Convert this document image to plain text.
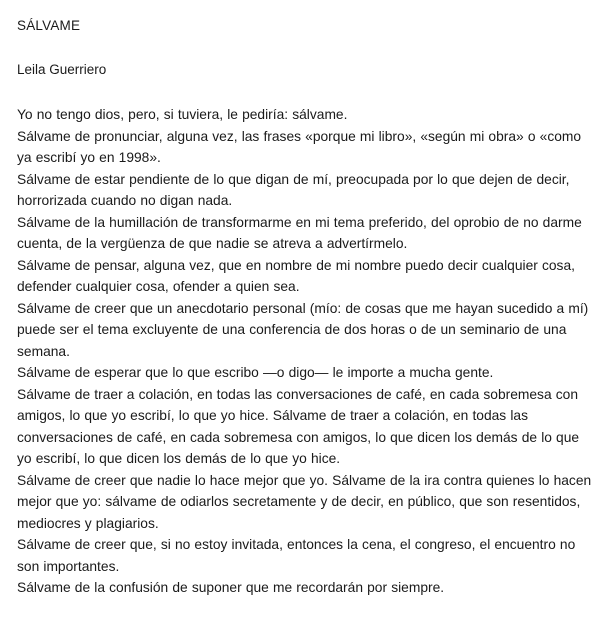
SÁLVAME

Leila Guerriero

Yo no tengo dios, pero, si tuviera, le pediría: sálvame.

Sálvame de pronunciar, alguna vez, las frases «porque mi libro», «según mi obra» o «como ya escribí yo en 1998».

Sálvame de estar pendiente de lo que digan de mí, preocupada por lo que dejen de decir, horrorizada cuando no digan nada.

Sálvame de la humillación de transformarme en mi tema preferido, del oprobio de no darme cuenta, de la vergüenza de que nadie se atreva a advertírmelo.

Sálvame de pensar, alguna vez, que en nombre de mi nombre puedo decir cualquier cosa, defender cualquier cosa, ofender a quien sea.

Sálvame de creer que un anecdotario personal (mío: de cosas que me hayan sucedido a mí) puede ser el tema excluyente de una conferencia de dos horas o de un seminario de una semana.

Sálvame de esperar que lo que escribo —o digo— le importe a mucha gente.

Sálvame de traer a colación, en todas las conversaciones de café, en cada sobremesa con amigos, lo que yo escribí, lo que yo hice. Sálvame de traer a colación, en todas las conversaciones de café, en cada sobremesa con amigos, lo que dicen los demás de lo que yo escribí, lo que dicen los demás de lo que yo hice.

Sálvame de creer que nadie lo hace mejor que yo. Sálvame de la ira contra quienes lo hacen mejor que yo: sálvame de odiarlos secretamente y de decir, en público, que son resentidos, mediocres y plagiarios.

Sálvame de creer que, si no estoy invitada, entonces la cena, el congreso, el encuentro no son importantes.

Sálvame de la confusión de suponer que me recordarán por siempre.
